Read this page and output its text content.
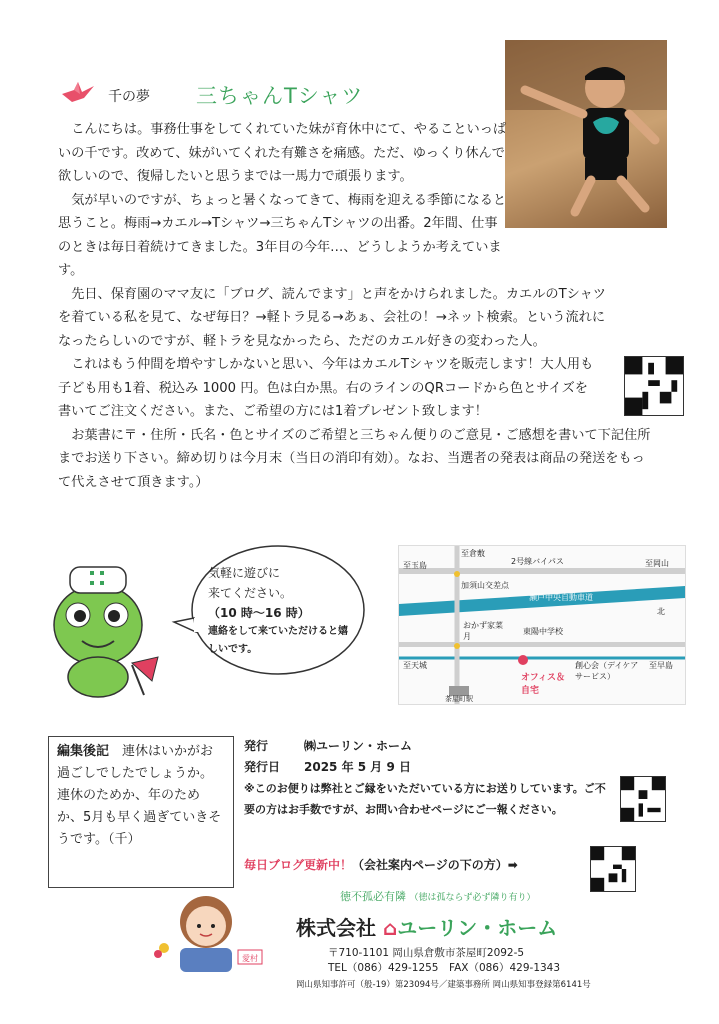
千の夢 三ちゃんTシャツ

こんにちは。事務仕事をしてくれていた妹が育休中にて、やることいっぱいの千です。改めて、妹がいてくれた有難さを痛感。ただ、ゆっくり休んで欲しいので、復帰したいと思うまでは一馬力で頑張ります。

気が早いのですが、ちょっと暑くなってきて、梅雨を迎える季節になると思うこと。梅雨→カエル→Tシャツ→三ちゃんTシャツの出番。2年間、仕事のときは毎日着続けてきました。3年目の今年…、どうしようか考えています。

先日、保育園のママ友に「ブログ、読んでます」と声をかけられました。カエルのTシャツを着ている私を見て、なぜ毎日？→軽トラ見る→あぁ、会社の！→ネット検索。という流れになったらしいのですが、軽トラを見なかったら、ただのカエル好きの変わった人。

これはもう仲間を増やすしかないと思い、今年はカエルTシャツを販売します！大人用も子ども用も1着、税込み 1000 円。色は白か黒。右のラインのQRコードから色とサイズを書いてご注文ください。また、ご希望の方には1着プレゼント致します！

お葉書に〒・住所・氏名・色とサイズのご希望と三ちゃん便りのご意見・ご感想を書いて下記住所までお送り下さい。締め切りは今月末（当日の消印有効）。なお、当選者の発表は商品の発送をもって代えさせて頂きます。）

気軽に遊びに
来てください。
（10 時～16 時）
連絡をして来ていただけると嬉しいです。
至倉敷
2号線バイパス	至岡山
至玉島
加須山交差点
瀬戸中央自動車道
北
おかず家菜月
東陽中学校
至天城	創心会（デイケアサービス）
至早島
オフィス＆自宅
茶屋町駅
編集後記　 連休はいかがお過ごしでしたでしょうか。連休のためか、年のためか、5月も早く過ぎていきそうです。（千）
発行	㈱ユーリン・ホーム
発行日 2025 年 5 月 9 日
※このお便りは弊社とご縁をいただいている方にお送りしています。ご不要の方はお手数ですが、お問い合わせページにご一報ください。
毎日ブログ更新中！（会社案内ページの下の方）➡
愛村
徳不孤必有隣 （徳は孤ならず必ず隣り有り）
株式会社 ⌂ユーリン・ホーム
〒710-1101 岡山県倉敷市茶屋町2092-5
TEL（086）429-1255　FAX（086）429-1343
岡山県知事許可（般-19）第23094号／建築事務所 岡山県知事登録第6141号
